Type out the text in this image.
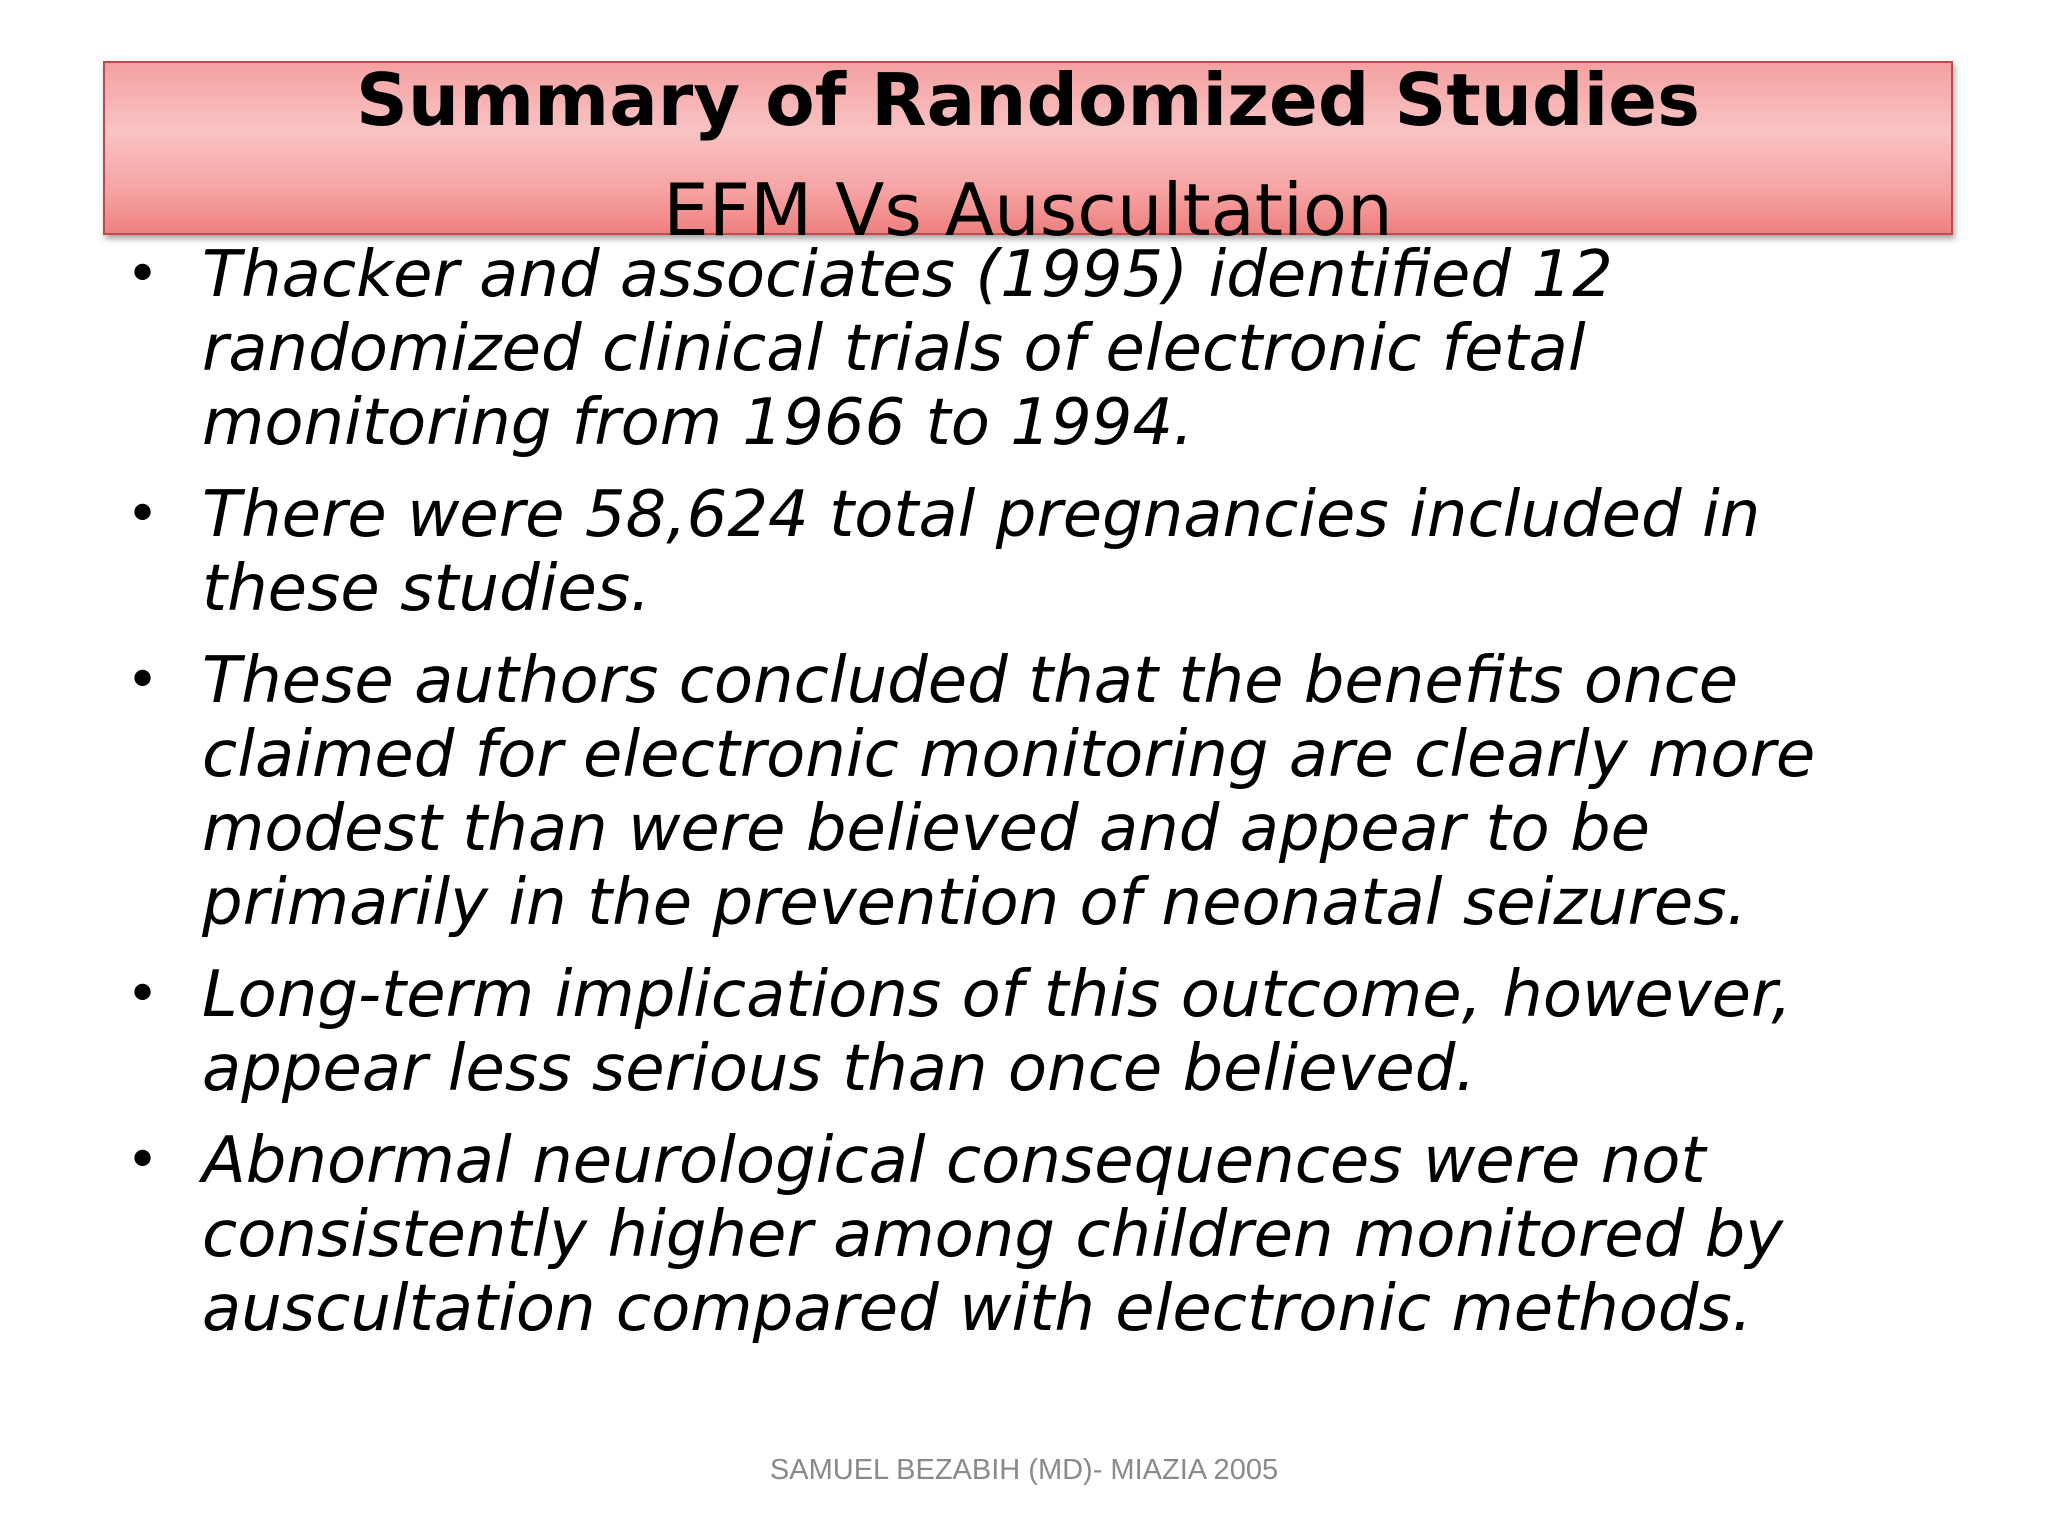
Summary of Randomized Studies
EFM Vs Auscultation
• Thacker and associates (1995) identified 12 randomized clinical trials of electronic fetal monitoring from 1966 to 1994.
• There were 58,624 total pregnancies included in these studies.
• These authors concluded that the benefits once claimed for electronic monitoring are clearly more modest than were believed and appear to be primarily in the prevention of neonatal seizures.
• Long-term implications of this outcome, however, appear less serious than once believed.
• Abnormal neurological consequences were not consistently higher among children monitored by auscultation compared with electronic methods.
SAMUEL BEZABIH (MD)- MIAZIA 2005
